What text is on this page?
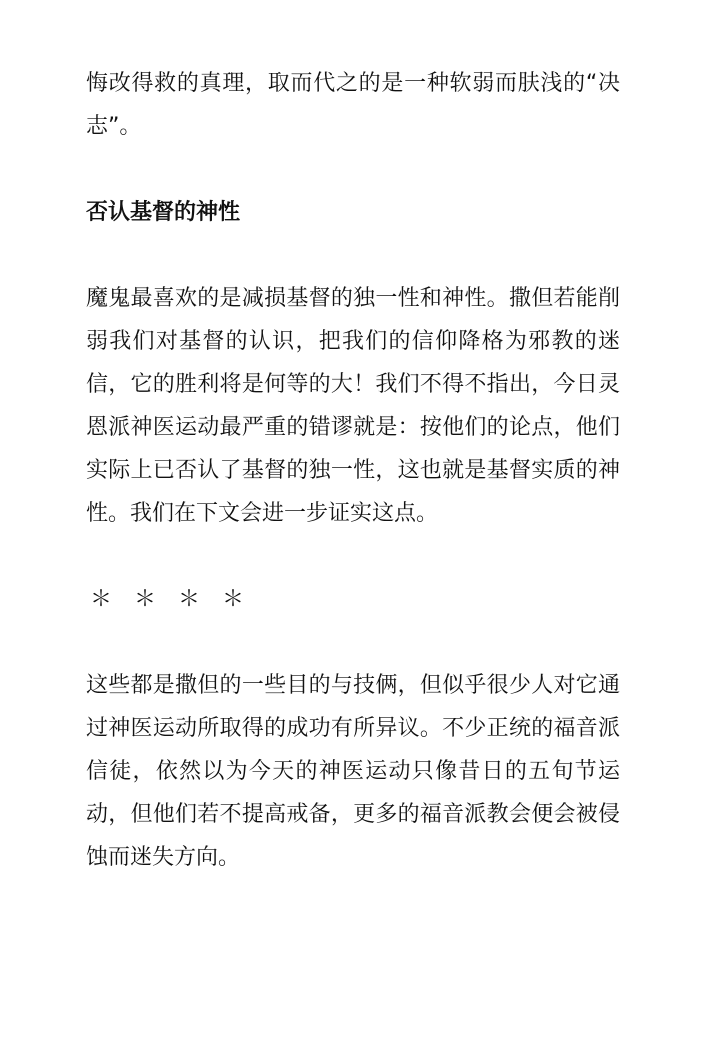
悔改得救的真理，取而代之的是一种软弱而肤浅的“决志”。

否认基督的神性

魔鬼最喜欢的是减损基督的独一性和神性。撒但若能削弱我们对基督的认识，把我们的信仰降格为邪教的迷信，它的胜利将是何等的大！我们不得不指出，今日灵恩派神医运动最严重的错谬就是：按他们的论点，他们实际上已否认了基督的独一性，这也就是基督实质的神性。我们在下文会进一步证实这点。

＊　＊　＊　＊

这些都是撒但的一些目的与技俩，但似乎很少人对它通过神医运动所取得的成功有所异议。不少正统的福音派信徒，依然以为今天的神医运动只像昔日的五旬节运动，但他们若不提高戒备，更多的福音派教会便会被侵蚀而迷失方向。
